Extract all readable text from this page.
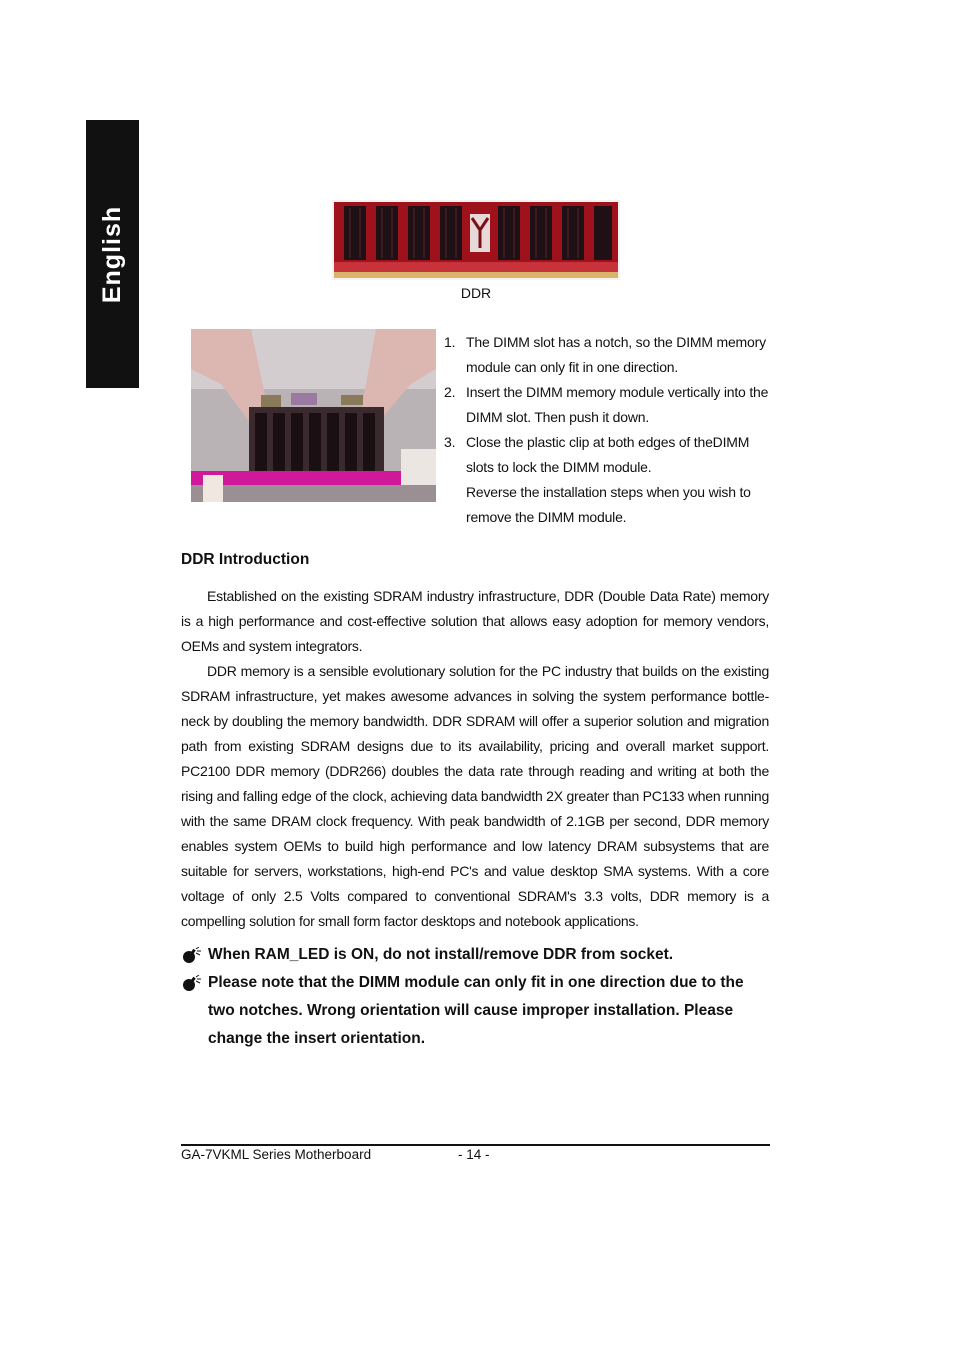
English	DDR
1. The DIMM slot has a notch, so the DIMM memory module can only fit in one direction.
2. Insert the DIMM memory module vertically into the DIMM slot. Then push it down.
3. Close the plastic clip at both edges of theDIMM slots to lock the DIMM module.
Reverse the installation steps when you wish to remove the DIMM module.
DDR Introduction

Established on the existing SDRAM industry infrastructure, DDR (Double Data Rate) memory is a high performance and cost-effective solution that allows easy adoption for memory vendors, OEMs and system integrators.

DDR memory is a sensible evolutionary solution for the PC industry that builds on the existing SDRAM infrastructure, yet makes awesome advances in solving the system performance bottle-neck by doubling the memory bandwidth. DDR SDRAM will offer a superior solution and migration path from existing SDRAM designs due to its availability, pricing and overall market support. PC2100 DDR memory (DDR266) doubles the data rate through reading and writing at both the rising and falling edge of the clock, achieving data bandwidth 2X greater than PC133 when running with the same DRAM clock frequency. With peak bandwidth of 2.1GB per second, DDR memory enables system OEMs to build high performance and low latency DRAM subsystems that are suitable for servers, workstations, high-end PC's and value desktop SMA systems. With a core voltage of only 2.5 Volts compared to conventional SDRAM's 3.3 volts, DDR memory is a compelling solution for small form factor desktops and notebook applications.

When RAM_LED is ON, do not install/remove DDR from socket.
Please note that the DIMM module can only fit in one direction due to the two notches. Wrong orientation will cause improper installation. Please change the insert orientation.
GA-7VKML Series Motherboard	- 14 -
